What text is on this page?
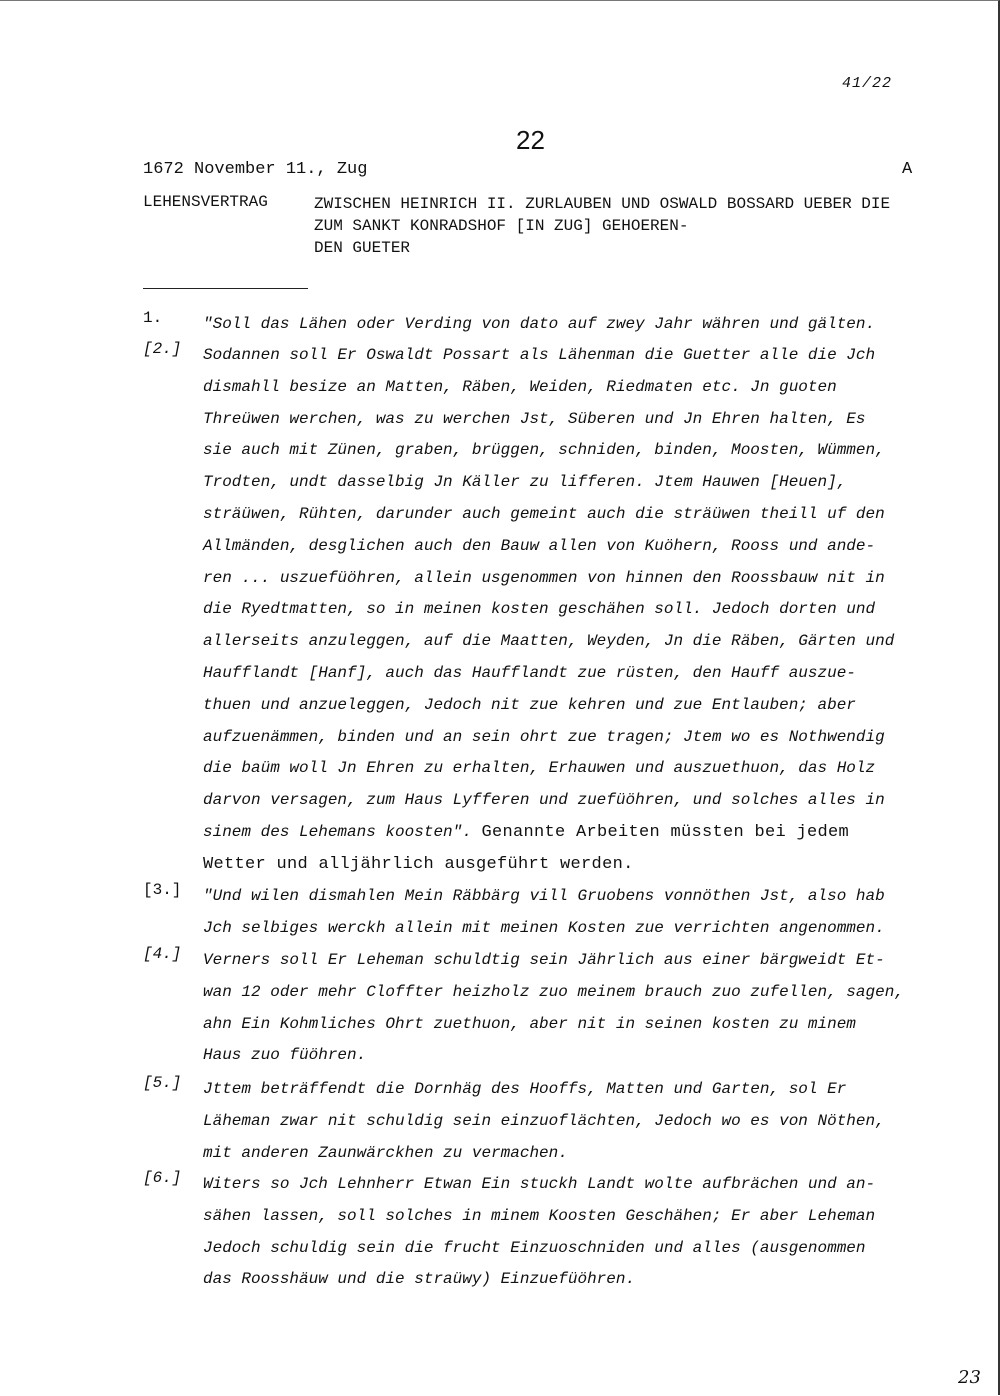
41/22
22
1672 November 11., Zug	A
LEHENSVERTRAG	ZWISCHEN HEINRICH II. ZURLAUBEN UND OSWALD BOSSARD UEBER DIE ZUM SANKT KONRADSHOF [IN ZUG] GEHOEREN-
DEN GUETER
1.	"Soll das Lähen oder Verding von dato auf zwey Jahr währen und gälten.
[2.] Sodannen soll Er Oswaldt Possart als Lähenman die Guetter alle die Jch
dismahll besize an Matten, Räben, Weiden, Riedmaten etc. Jn guoten
Threüwen werchen, was zu werchen Jst, Süberen und Jn Ehren halten, Es
sie auch mit Zünen, graben, brüggen, schniden, binden, Moosten, Wümmen,
Trodten, undt dasselbig Jn Käller zu lifferen. Jtem Hauwen [Heuen],
sträüwen, Rühten, darunder auch gemeint auch die sträüwen theill uf den
Allmänden, desglichen auch den Bauw allen von Kuöhern, Rooss und ande-
ren ... uszuefüöhren, allein usgenommen von hinnen den Roossbauw nit in
die Ryedtmatten, so in meinen kosten geschähen soll. Jedoch dorten und
allerseits anzuleggen, auf die Maatten, Weyden, Jn die Räben, Gärten und
Haufflandt [Hanf], auch das Haufflandt zue rüsten, den Hauff auszue-
thuen und anzueleggen, Jedoch nit zue kehren und zue Entlauben; aber
aufzuenämmen, binden und an sein ohrt zue tragen; Jtem wo es Nothwendig
die baüm woll Jn Ehren zu erhalten, Erhauwen und auszuethuon, das Holz
darvon versagen, zum Haus Lyfferen und zuefüöhren, und solches alles in
sinem des Lehemans koosten". Genannte Arbeiten müssten bei jedem
Wetter und alljährlich ausgeführt werden.
[3.] "Und wilen dismahlen Mein Räbbärg vill Gruobens vonnöthen Jst, also hab
Jch selbiges werckh allein mit meinen Kosten zue verrichten angenommen.
[4.] Verners soll Er Leheman schuldtig sein Jährlich aus einer bärgweidt Et-
wan 12 oder mehr Cloffter heizholz zuo meinem brauch zuo zufellen, sagen,
ahn Ein Kohmliches Ohrt zuethuon, aber nit in seinen kosten zu minem
Haus zuo füöhren.
[5.] Jttem beträffendt die Dornhäg des Hooffs, Matten und Garten, sol Er
Läheman zwar nit schuldig sein einzuoflächten, Jedoch wo es von Nöthen,
mit anderen Zaunwärckhen zu vermachen.
[6.] Witers so Jch Lehnherr Etwan Ein stuckh Landt wolte aufbrächen und an-
sähen lassen, soll solches in minem Koosten Geschähen; Er aber Leheman
Jedoch schuldig sein die frucht Einzuoschniden und alles (ausgenommen
das Roosshäuw und die straüwy) Einzuefüöhren.
23
